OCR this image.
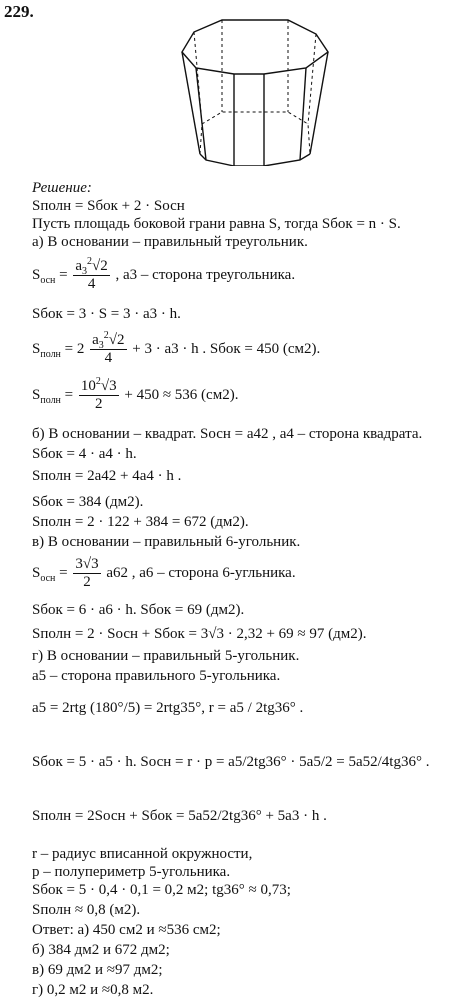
229.
Решение:
Sполн = Sбок + 2 · Sосн
Пусть площадь боковой грани равна S, тогда Sбок = n · S.
а) В основании – правильный треугольник.
$S_{осн} = \frac{a_3^2√2}{4}$ , a3 – сторона треугольника.
Sбок = 3 · S = 3 · a3 · h.
$S_{полн} = 2 \frac{a_3^2√2}{4} + 3 \cdot a3 \cdot h$ . Sбок = 450 (см2).
$S_{полн} = \frac{10^2√3}{2} + 450 \approx 536$ (см2).
б) В основании – квадрат. Sосн = a42 , a4 – сторона квадрата.
Sбок = 4 · a4 · h.
Sполн = 2a42 + 4a4 · h .
Sбок = 384 (дм2).
Sполн = 2 · 122 + 384 = 672 (дм2).
в) В основании – правильный 6-угольник.
$S_{осн} = \frac{3√3}{2} a62$ , a6 – сторона 6-угльника.
Sбок = 6 · a6 · h. Sбок = 69 (дм2).
Sполн = 2 · Sосн + Sбок = 3√3 · 2,32 + 69 ≈ 97 (дм2).
г) В основании – правильный 5-угольник.
a5 – сторона правильного 5-угольника.
a5 = 2rtg (180°/5) = 2rtg35°, r = a5 / 2tg36° .
Sбок = 5 · a5 · h. Sосн = r · p = a5/2tg36° · 5a5/2 = 5a52/4tg36° .
Sполн = 2Sосн + Sбок = 5a52/2tg36° + 5a3 · h .
r – радиус вписанной окружности,
p – полупериметр 5-угольника.
Sбок = 5 · 0,4 · 0,1 = 0,2 м2; tg36° ≈ 0,73;
Sполн ≈ 0,8 (м2).
Ответ: а) 450 см2 и ≈536 см2;
б) 384 дм2 и 672 дм2;
в) 69 дм2 и ≈97 дм2;
г) 0,2 м2 и ≈0,8 м2.
